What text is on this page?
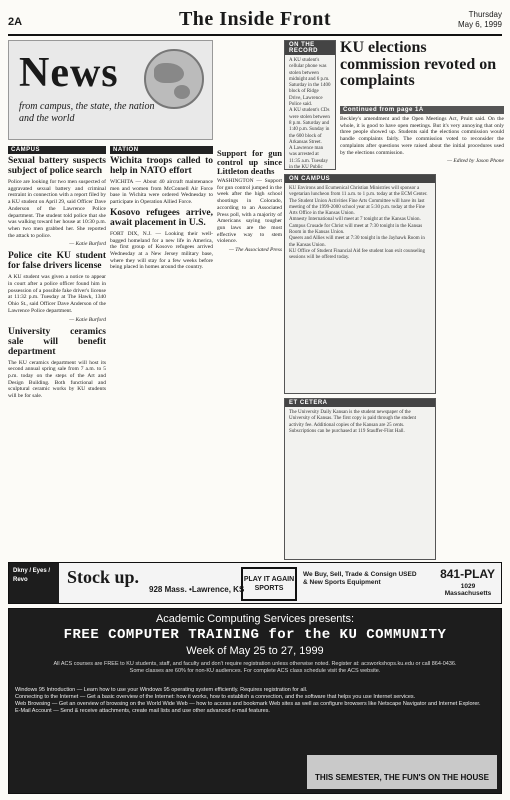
2A	The Inside Front	Thursday
May 6, 1999
News
from campus, the state, the nation and the world
CAMPUS
Sexual battery suspects subject of police search
Police are looking for two men suspected of aggravated sexual battery and criminal restraint in connection with a report filed by a KU student on April 29, said Officer Dave Anderson of the Lawrence Police department. The student told police that she was walking toward her house at 10:30 p.m. when two men grabbed her. She reported the attack to police.
— Katie Burford
Police cite KU student for false drivers license
A KU student was given a notice to appear in court after a police officer found him in possession of a possible fake driver's license at 11:32 p.m. Tuesday at The Hawk, 1340 Ohio St., said Officer Dave Anderson of the Lawrence Police department.
— Katie Burford
University ceramics sale will benefit department
The KU ceramics department will host its second annual spring sale from 7 a.m. to 5 p.m. today on the steps of the Art and Design Building. Both functional and sculptural ceramic works by KU students will be for sale.
NATION
Wichita troops called to help in NATO effort
WICHITA — About 40 aircraft maintenance men and women from McConnell Air Force base in Wichita were ordered Wednesday to participate in Operation Allied Force.
Kosovo refugees arrive, await placement in U.S.
FORT DIX, N.J. — Looking their well-bagged homeland for a new life in America, the first group of Kosovo refugees arrived Wednesday at a New Jersey military base, where they will stay for a few weeks before being placed in homes around the country.
Support for gun control up since Littleton deaths
WASHINGTON — Support for gun control jumped in the week after the high school shootings in Colorado, according to an Associated Press poll, with a majority of Americans saying tougher gun laws are the most effective way to stem violence.
— The Associated Press
ON THE RECORD

A KU student's cellular phone was stolen between midnight and 6 p.m. Saturday in the 1400 block of Ridge Drive, Lawrence Police said.

A KU student's CDs were stolen between 8 p.m. Saturday and 1:40 p.m. Sunday in the 600 block of Arkansas Street.

A Lawrence man was arrested at 11:35 a.m. Tuesday in the KU Public

ON CAMPUS

KU Environs and Ecumenical Christian Ministries will sponsor a vegetarian luncheon from 11 a.m. to 1 p.m. today at the ECM Center.

The Student Union Activities Fine Arts Committee will have its last meeting of the 1999-2000 school year at 5:30 p.m. today at the Fine Arts Office in the Kansas Union.

Amnesty International will meet at 7 tonight at the Kansas Union.

Campus Crusade for Christ will meet at 7:30 tonight in the Kansas Room in the Kansas Union.

Queers and Allies will meet at 7:30 tonight in the Jayhawk Room in the Kansas Union.

KU Office of Student Financial Aid fee student loan exit counseling sessions will be offered today.

ET CETERA
The University Daily Kansan is the student newspaper of the University of Kansas. The first copy is paid through the student activity fee. Additional copies of the Kansan are 25 cents. Subscriptions can be purchased at 119 Stauffer-Flint Hall.
KU elections commission revoted on complaints
Continued from page 1A
Beckley's amendment and the Open Meetings Act, Pruitt said. On the whole, it is good to have open meetings. But it's very annoying that only three people showed up. Students said the elections commission would handle complaints fairly. The commission voted to reconsider the complaints after questions were raised about the initial procedures used by the elections commission.
— Edited by Jason Phone
Dkny / Eyes / Revo	Stock up.
928 Mass. •Lawrence, KS
PLAY IT AGAIN SPORTS
We Buy, Sell, Trade & Consign USED & New Sports Equipment
841-PLAY
1029 Massachusetts
Academic Computing Services presents:
FREE COMPUTER TRAINING for the KU COMMUNITY
Week of May 25 to 27, 1999
All ACS courses are FREE to KU students, staff, and faculty and don't require registration unless otherwise noted. Register at: acsworkshops.ku.edu or call 864-0436. Some classes are 60% for non-KU audiences. For complete ACS class schedule visit the ACS website.

Windows 95 Introduction — Learn how to use your Windows 95 operating system efficiently. Requires registration for all.

Connecting to the Internet — Get a basic overview of the Internet: how it works, how to establish a connection, and the software that helps you use Internet services.

Web Browsing — Get an overview of browsing on the World Wide Web — how to access and bookmark Web sites as well as configure browsers like Netscape Navigator and Internet Explorer.

E-Mail Account — Send & receive attachments, create mail lists and use other advanced e-mail features.

THIS SEMESTER, THE FUN'S ON THE HOUSE
